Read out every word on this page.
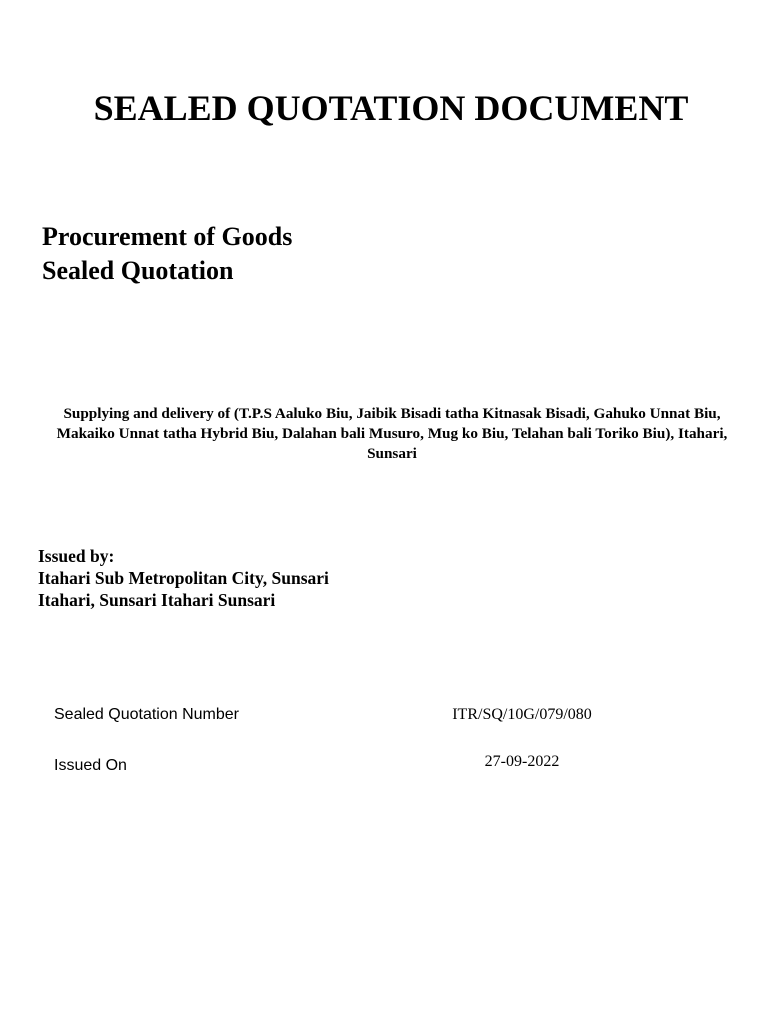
SEALED QUOTATION DOCUMENT
Procurement of Goods
Sealed Quotation
Supplying and delivery of (T.P.S Aaluko Biu, Jaibik Bisadi tatha Kitnasak Bisadi, Gahuko Unnat Biu, Makaiko Unnat tatha Hybrid Biu, Dalahan bali Musuro, Mug ko Biu, Telahan bali Toriko Biu), Itahari, Sunsari
Issued by:
Itahari Sub Metropolitan City, Sunsari
Itahari, Sunsari Itahari Sunsari
Sealed Quotation Number	ITR/SQ/10G/079/080
Issued On	27-09-2022
